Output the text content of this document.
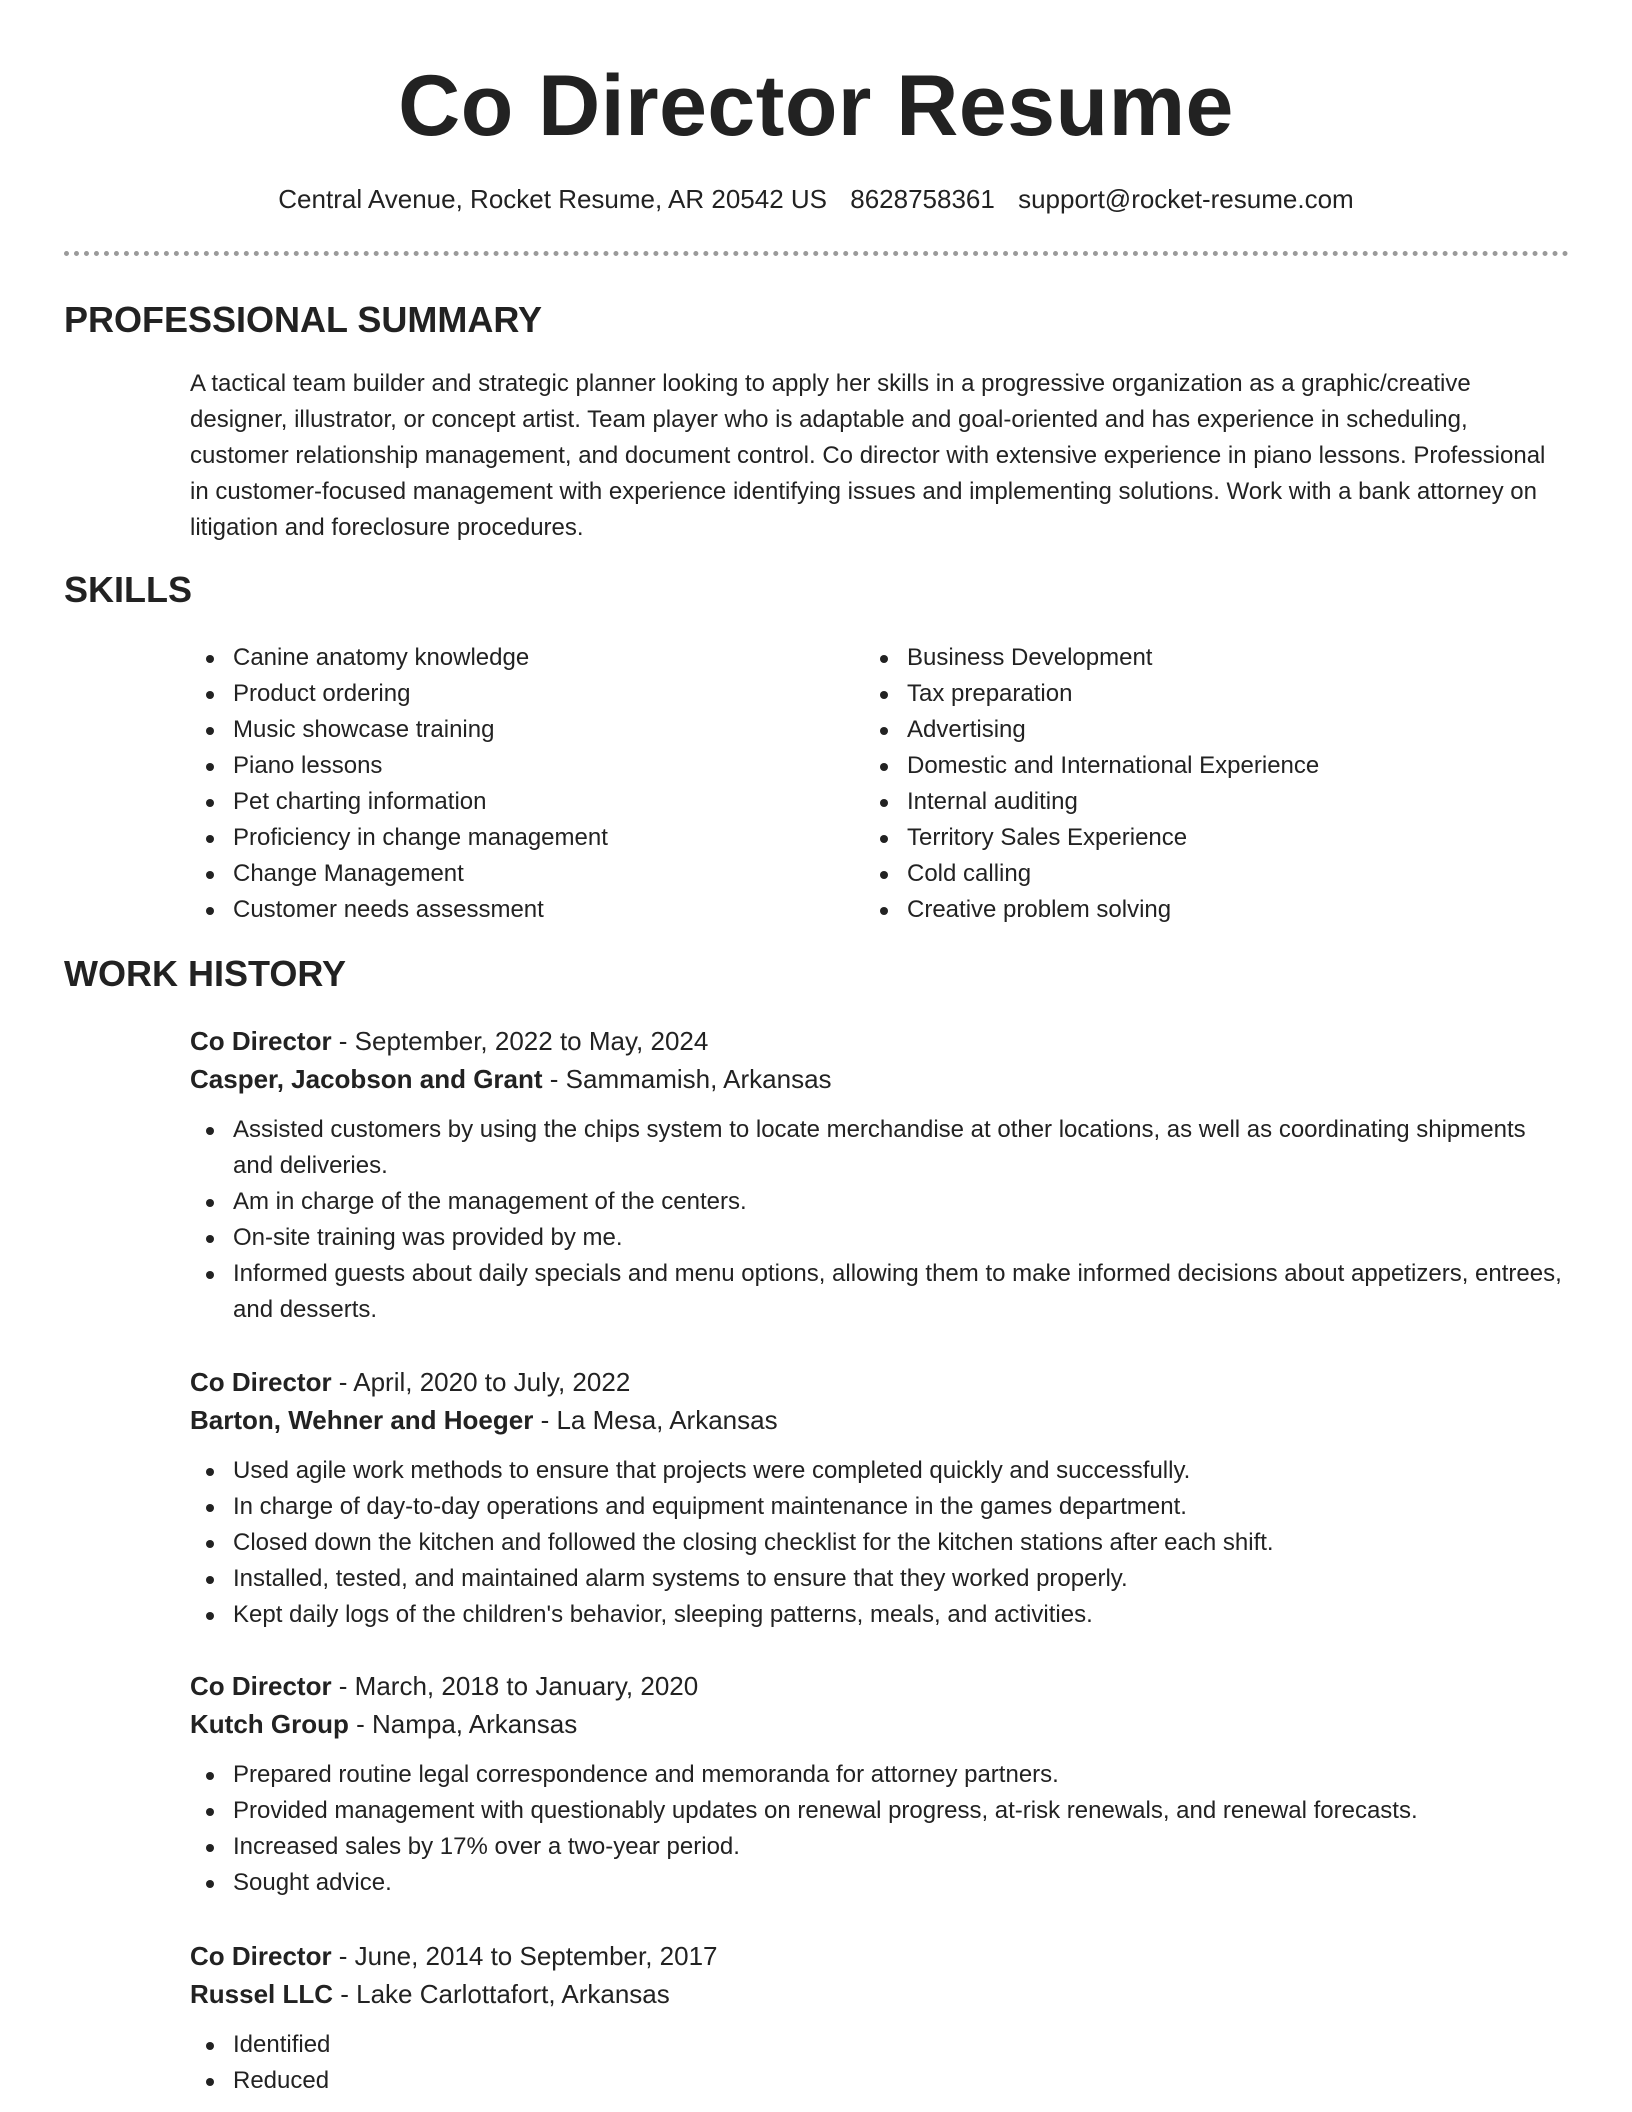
Co Director Resume
Central Avenue, Rocket Resume, AR 20542 US 8628758361 support@rocket-resume.com
PROFESSIONAL SUMMARY

A tactical team builder and strategic planner looking to apply her skills in a progressive organization as a graphic/creative designer, illustrator, or concept artist. Team player who is adaptable and goal-oriented and has experience in scheduling, customer relationship management, and document control. Co director with extensive experience in piano lessons. Professional in customer-focused management with experience identifying issues and implementing solutions. Work with a bank attorney on litigation and foreclosure procedures.

SKILLS
Canine anatomy knowledge
Product ordering
Music showcase training
Piano lessons
Pet charting information
Proficiency in change management
Change Management
Customer needs assessment
Business Development
Tax preparation
Advertising
Domestic and International Experience
Internal auditing
Territory Sales Experience
Cold calling
Creative problem solving
WORK HISTORY
Co Director - September, 2022 to May, 2024
Casper, Jacobson and Grant - Sammamish, Arkansas
Assisted customers by using the chips system to locate merchandise at other locations, as well as coordinating shipments and deliveries.
Am in charge of the management of the centers.
On-site training was provided by me.
Informed guests about daily specials and menu options, allowing them to make informed decisions about appetizers, entrees, and desserts.
Co Director - April, 2020 to July, 2022
Barton, Wehner and Hoeger - La Mesa, Arkansas
Used agile work methods to ensure that projects were completed quickly and successfully.
In charge of day-to-day operations and equipment maintenance in the games department.
Closed down the kitchen and followed the closing checklist for the kitchen stations after each shift.
Installed, tested, and maintained alarm systems to ensure that they worked properly.
Kept daily logs of the children's behavior, sleeping patterns, meals, and activities.
Co Director - March, 2018 to January, 2020
Kutch Group - Nampa, Arkansas
Prepared routine legal correspondence and memoranda for attorney partners.
Provided management with questionably updates on renewal progress, at-risk renewals, and renewal forecasts.
Increased sales by 17% over a two-year period.
Sought advice.
Co Director - June, 2014 to September, 2017
Russel LLC - Lake Carlottafort, Arkansas
Identified
Reduced
